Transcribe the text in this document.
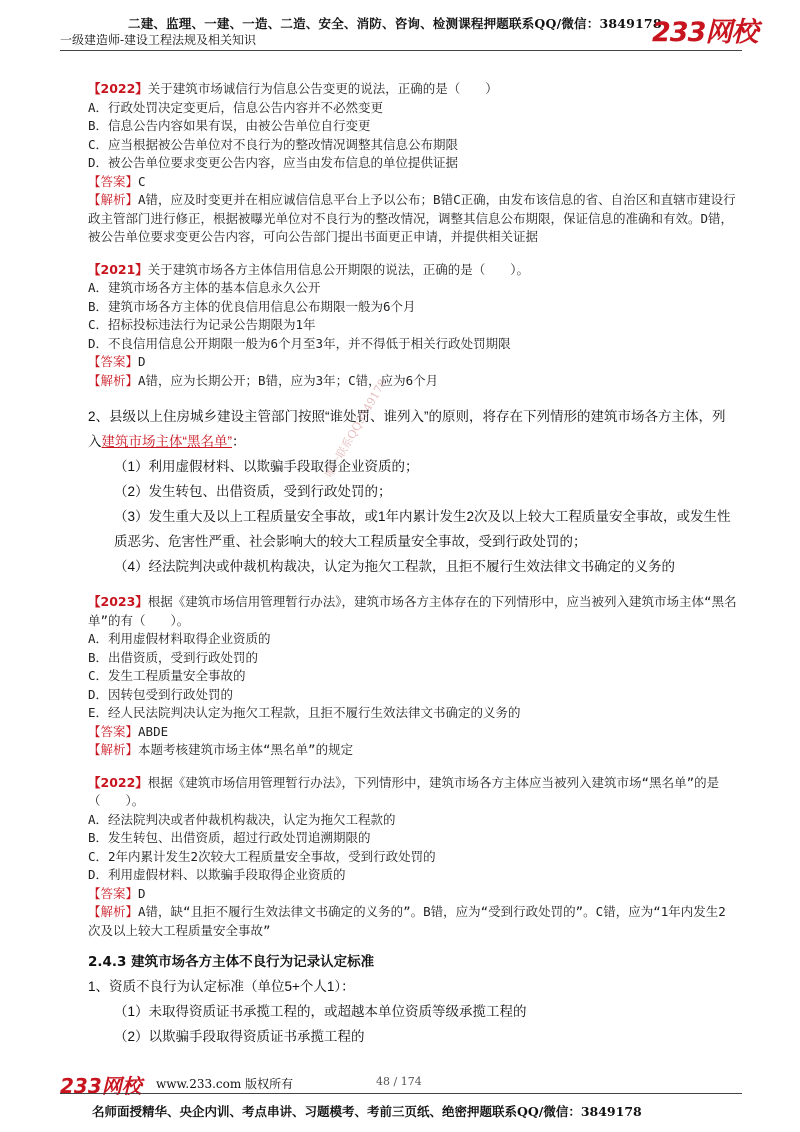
二建、监理、一建、一造、二造、安全、消防、咨询、检测课程押题联系QQ/微信：3849178
一级建造师-建设工程法规及相关知识	233网校
唯一联系QQ3849178
【2022】关于建筑市场诚信行为信息公告变更的说法，正确的是（　　）
A．行政处罚决定变更后，信息公告内容并不必然变更
B．信息公告内容如果有误，由被公告单位自行变更
C．应当根据被公告单位对不良行为的整改情况调整其信息公布期限
D．被公告单位要求变更公告内容，应当由发布信息的单位提供证据
【答案】C
【解析】A错，应及时变更并在相应诚信信息平台上予以公布；B错C正确，由发布该信息的省、自治区和直辖市建设行政主管部门进行修正，根据被曝光单位对不良行为的整改情况，调整其信息公布期限，保证信息的准确和有效。D错，被公告单位要求变更公告内容，可向公告部门提出书面更正申请，并提供相关证据
【2021】关于建筑市场各方主体信用信息公开期限的说法，正确的是（　　）。
A．建筑市场各方主体的基本信息永久公开
B．建筑市场各方主体的优良信用信息公布期限一般为6个月
C．招标投标违法行为记录公告期限为1年
D．不良信用信息公开期限一般为6个月至3年，并不得低于相关行政处罚期限
【答案】D
【解析】A错，应为长期公开；B错，应为3年；C错，应为6个月
2、县级以上住房城乡建设主管部门按照“谁处罚、谁列入”的原则，将存在下列情形的建筑市场各方主体，列入建筑市场主体“黑名单”：
（1）利用虚假材料、以欺骗手段取得企业资质的；
（2）发生转包、出借资质，受到行政处罚的；
（3）发生重大及以上工程质量安全事故，或1年内累计发生2次及以上较大工程质量安全事故，或发生性质恶劣、危害性严重、社会影响大的较大工程质量安全事故，受到行政处罚的；
（4）经法院判决或仲裁机构裁决，认定为拖欠工程款，且拒不履行生效法律文书确定的义务的
【2023】根据《建筑市场信用管理暂行办法》，建筑市场各方主体存在的下列情形中，应当被列入建筑市场主体“黑名单”的有（　　）。
A．利用虚假材料取得企业资质的
B．出借资质，受到行政处罚的
C．发生工程质量安全事故的
D．因转包受到行政处罚的
E．经人民法院判决认定为拖欠工程款，且拒不履行生效法律文书确定的义务的
【答案】ABDE
【解析】本题考核建筑市场主体“黑名单”的规定
【2022】根据《建筑市场信用管理暂行办法》，下列情形中，建筑市场各方主体应当被列入建筑市场“黑名单”的是（　　）。
A．经法院判决或者仲裁机构裁决，认定为拖欠工程款的
B．发生转包、出借资质，超过行政处罚追溯期限的
C．2年内累计发生2次较大工程质量安全事故，受到行政处罚的
D．利用虚假材料、以欺骗手段取得企业资质的
【答案】D
【解析】A错，缺“且拒不履行生效法律文书确定的义务的”。B错，应为“受到行政处罚的”。C错，应为“1年内发生2次及以上较大工程质量安全事故”
2.4.3 建筑市场各方主体不良行为记录认定标准
1、资质不良行为认定标准（单位5+个人1）：
（1）未取得资质证书承揽工程的，或超越本单位资质等级承揽工程的
（2）以欺骗手段取得资质证书承揽工程的
233网校 www.233.com 版权所有	48 / 174
名师面授精华、央企内训、考点串讲、习题模考、考前三页纸、绝密押题联系QQ/微信：3849178
